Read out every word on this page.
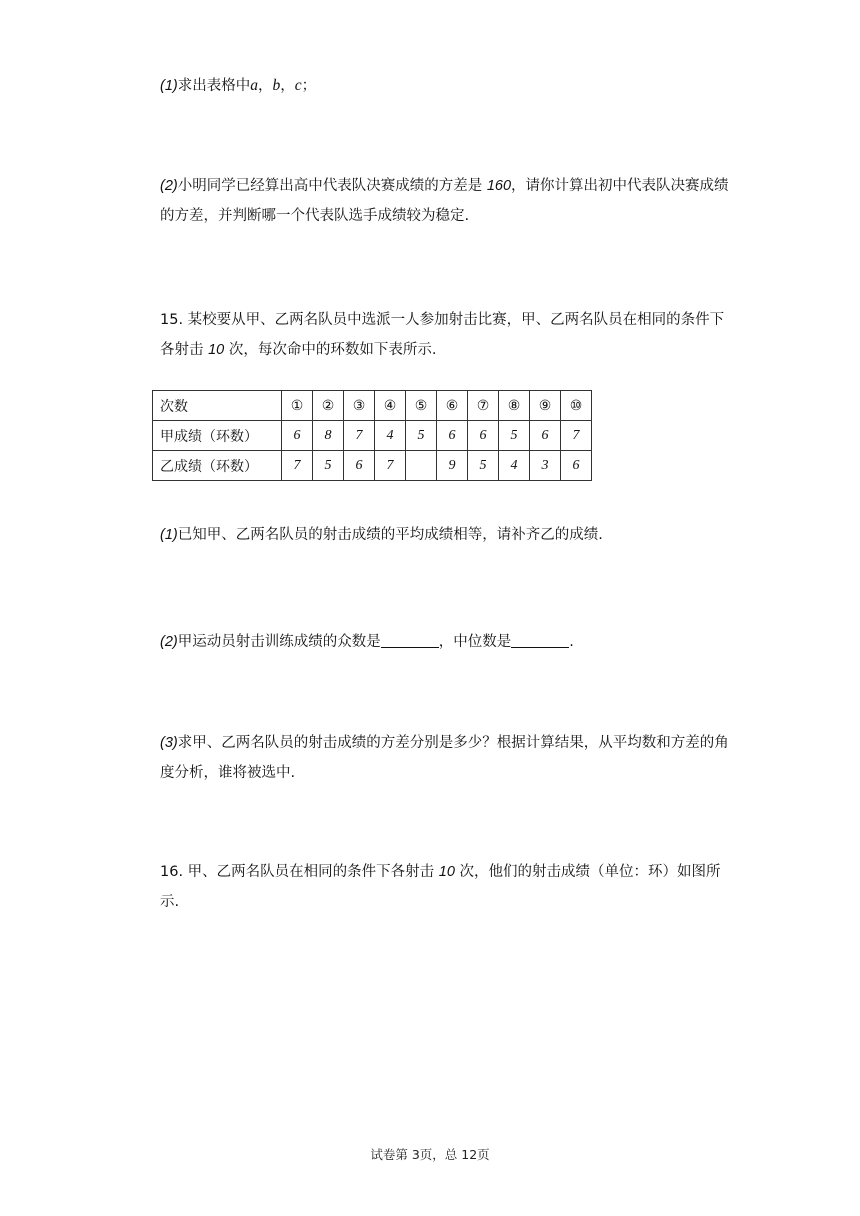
(1)求出表格中a，b，c；
(2)小明同学已经算出高中代表队决赛成绩的方差是 160，请你计算出初中代表队决赛成绩的方差，并判断哪一个代表队选手成绩较为稳定.
15. 某校要从甲、乙两名队员中选派一人参加射击比赛，甲、乙两名队员在相同的条件下各射击 10 次，每次命中的环数如下表所示.
次数	①	②	③	④	⑤	⑥	⑦	⑧	⑨	⑩
甲成绩（环数）	6	8	7	4	5	6	6	5	6	7
乙成绩（环数）	7	5	6	7		9	5	4	3	6
(1)已知甲、乙两名队员的射击成绩的平均成绩相等，请补齐乙的成绩.
(2)甲运动员射击训练成绩的众数是	，中位数是	.
(3)求甲、乙两名队员的射击成绩的方差分别是多少？根据计算结果，从平均数和方差的角度分析，谁将被选中.
16. 甲、乙两名队员在相同的条件下各射击 10 次，他们的射击成绩（单位：环）如图所示.
试卷第 3页，总 12页
